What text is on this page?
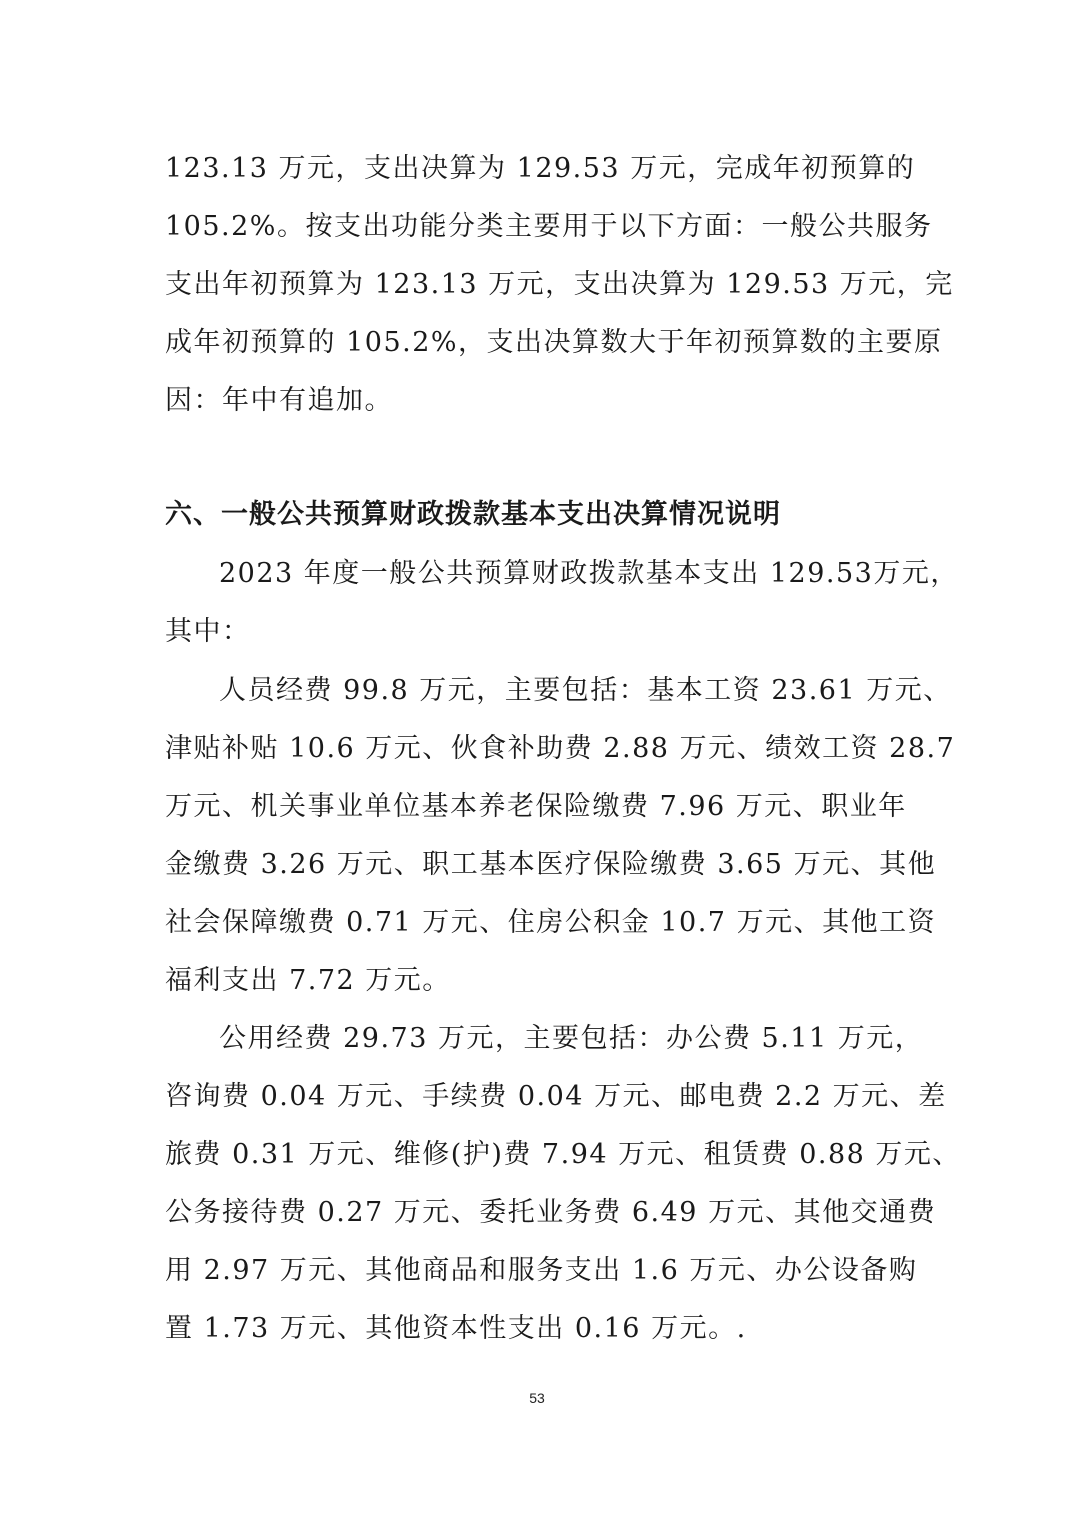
123.13 万元，支出决算为 129.53 万元，完成年初预算的
105.2%。按支出功能分类主要用于以下方面：一般公共服务
支出年初预算为 123.13 万元，支出决算为 129.53 万元，完
成年初预算的 105.2%，支出决算数大于年初预算数的主要原
因：年中有追加。

六、一般公共预算财政拨款基本支出决算情况说明

2023 年度一般公共预算财政拨款基本支出 129.53万元，
其中：

人员经费 99.8 万元，主要包括：基本工资 23.61 万元、
津贴补贴 10.6 万元、伙食补助费 2.88 万元、绩效工资 28.7
万元、机关事业单位基本养老保险缴费 7.96 万元、职业年
金缴费 3.26 万元、职工基本医疗保险缴费 3.65 万元、其他
社会保障缴费 0.71 万元、住房公积金 10.7 万元、其他工资
福利支出 7.72 万元。

公用经费 29.73 万元，主要包括：办公费 5.11 万元，
咨询费 0.04 万元、手续费 0.04 万元、邮电费 2.2 万元、差
旅费 0.31 万元、维修(护)费 7.94 万元、租赁费 0.88 万元、
公务接待费 0.27 万元、委托业务费 6.49 万元、其他交通费
用 2.97 万元、其他商品和服务支出 1.6 万元、办公设备购
置 1.73 万元、其他资本性支出 0.16 万元。.

53
